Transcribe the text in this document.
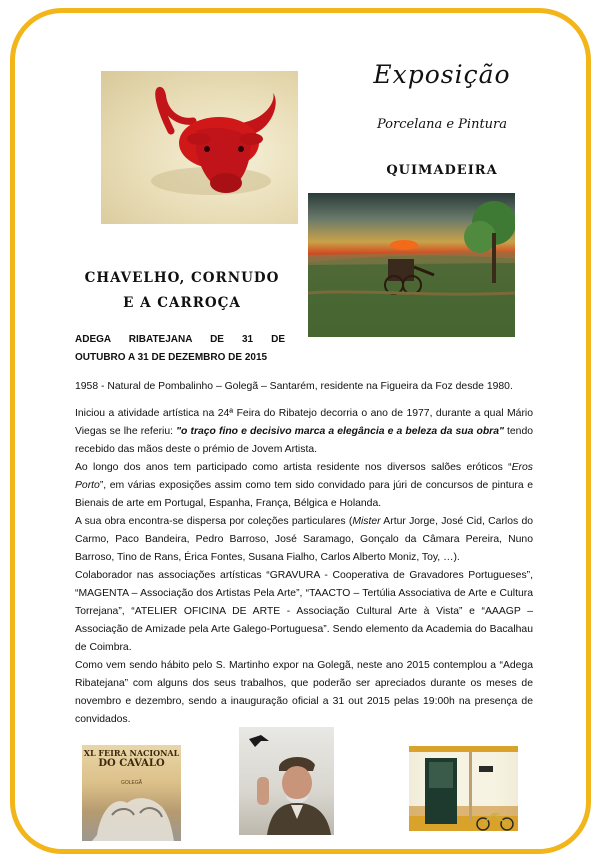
Exposição
Porcelana e Pintura
QUIMADEIRA
CHAVELHO, CORNUDO
E A CARROÇA
ADEGA RIBATEJANA DE 31 DE
OUTUBRO A 31 DE DEZEMBRO DE 2015

1958 - Natural de Pombalinho – Golegã – Santarém, residente na Figueira da Foz desde 1980.

Iniciou a atividade artística na 24ª Feira do Ribatejo decorria o ano de 1977, durante a qual Mário Viegas se lhe referiu: "o traço fino e decisivo marca a elegância e a beleza da sua obra" tendo recebido das mãos deste o prémio de Jovem Artista.

Ao longo dos anos tem participado como artista residente nos diversos salões eróticos “Eros Porto”, em várias exposições assim como tem sido convidado para júri de concursos de pintura e Bienais de arte em Portugal, Espanha, França, Bélgica e Holanda.

A sua obra encontra-se dispersa por coleções particulares (Mister Artur Jorge, José Cid, Carlos do Carmo, Paco Bandeira, Pedro Barroso, José Saramago, Gonçalo da Câmara Pereira, Nuno Barroso, Tino de Rans, Érica Fontes, Susana Fialho, Carlos Alberto Moniz, Toy, …).

Colaborador nas associações artísticas “GRAVURA - Cooperativa de Gravadores Portugueses”, “MAGENTA – Associação dos Artistas Pela Arte”, “TAACTO – Tertúlia Associativa de Arte e Cultura Torrejana”, “ATELIER OFICINA DE ARTE - Associação Cultural Arte à Vista” e “AAAGP – Associação de Amizade pela Arte Galego-Portuguesa”. Sendo elemento da Academia do Bacalhau de Coimbra.

Como vem sendo hábito pelo S. Martinho expor na Golegã, neste ano 2015 contemplou a “Adega Ribatejana” com alguns dos seus trabalhos, que poderão ser apreciados durante os meses de novembro e dezembro, sendo a inauguração oficial a 31 out 2015 pelas 19:00h na presença de convidados.

XL FEIRA NACIONAL
DO CAVALO
GOLEGÃ
